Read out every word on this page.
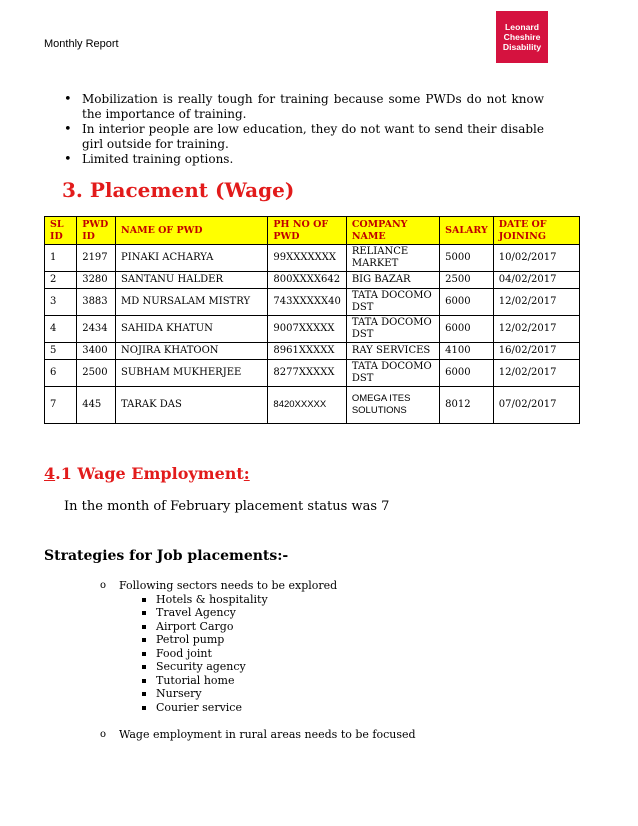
Monthly Report
Leonard
Cheshire
Disability
• Mobilization is really tough for training because some PWDs do not know the importance of training.
• In interior people are low education, they do not want to send their disable girl outside for training.
• Limited training options.
3. Placement (Wage)
SL ID	PWD ID	NAME OF PWD	PH NO OF PWD	COMPANY NAME	SALARY	DATE OF JOINING
1	2197	PINAKI ACHARYA	99XXXXXXX	RELIANCE MARKET	5000	10/02/2017
2	3280	SANTANU HALDER	800XXXX642	BIG BAZAR	2500	04/02/2017
3	3883	MD NURSALAM MISTRY	743XXXXX40	TATA DOCOMO DST	6000	12/02/2017
4	2434	SAHIDA KHATUN	9007XXXXX	TATA DOCOMO DST	6000	12/02/2017
5	3400	NOJIRA KHATOON	8961XXXXX	RAY SERVICES	4100	16/02/2017
6	2500	SUBHAM MUKHERJEE	8277XXXXX	TATA DOCOMO DST	6000	12/02/2017
7	445	TARAK DAS	8420XXXXX	OMEGA ITES SOLUTIONS	8012	07/02/2017
4.1 Wage Employment:
In the month of February placement status was 7
Strategies for Job placements:-
o Following sectors needs to be explored
Hotels & hospitality
Travel Agency
Airport Cargo
Petrol pump
Food joint
Security agency
Tutorial home
Nursery
Courier service
o Wage employment in rural areas needs to be focused
